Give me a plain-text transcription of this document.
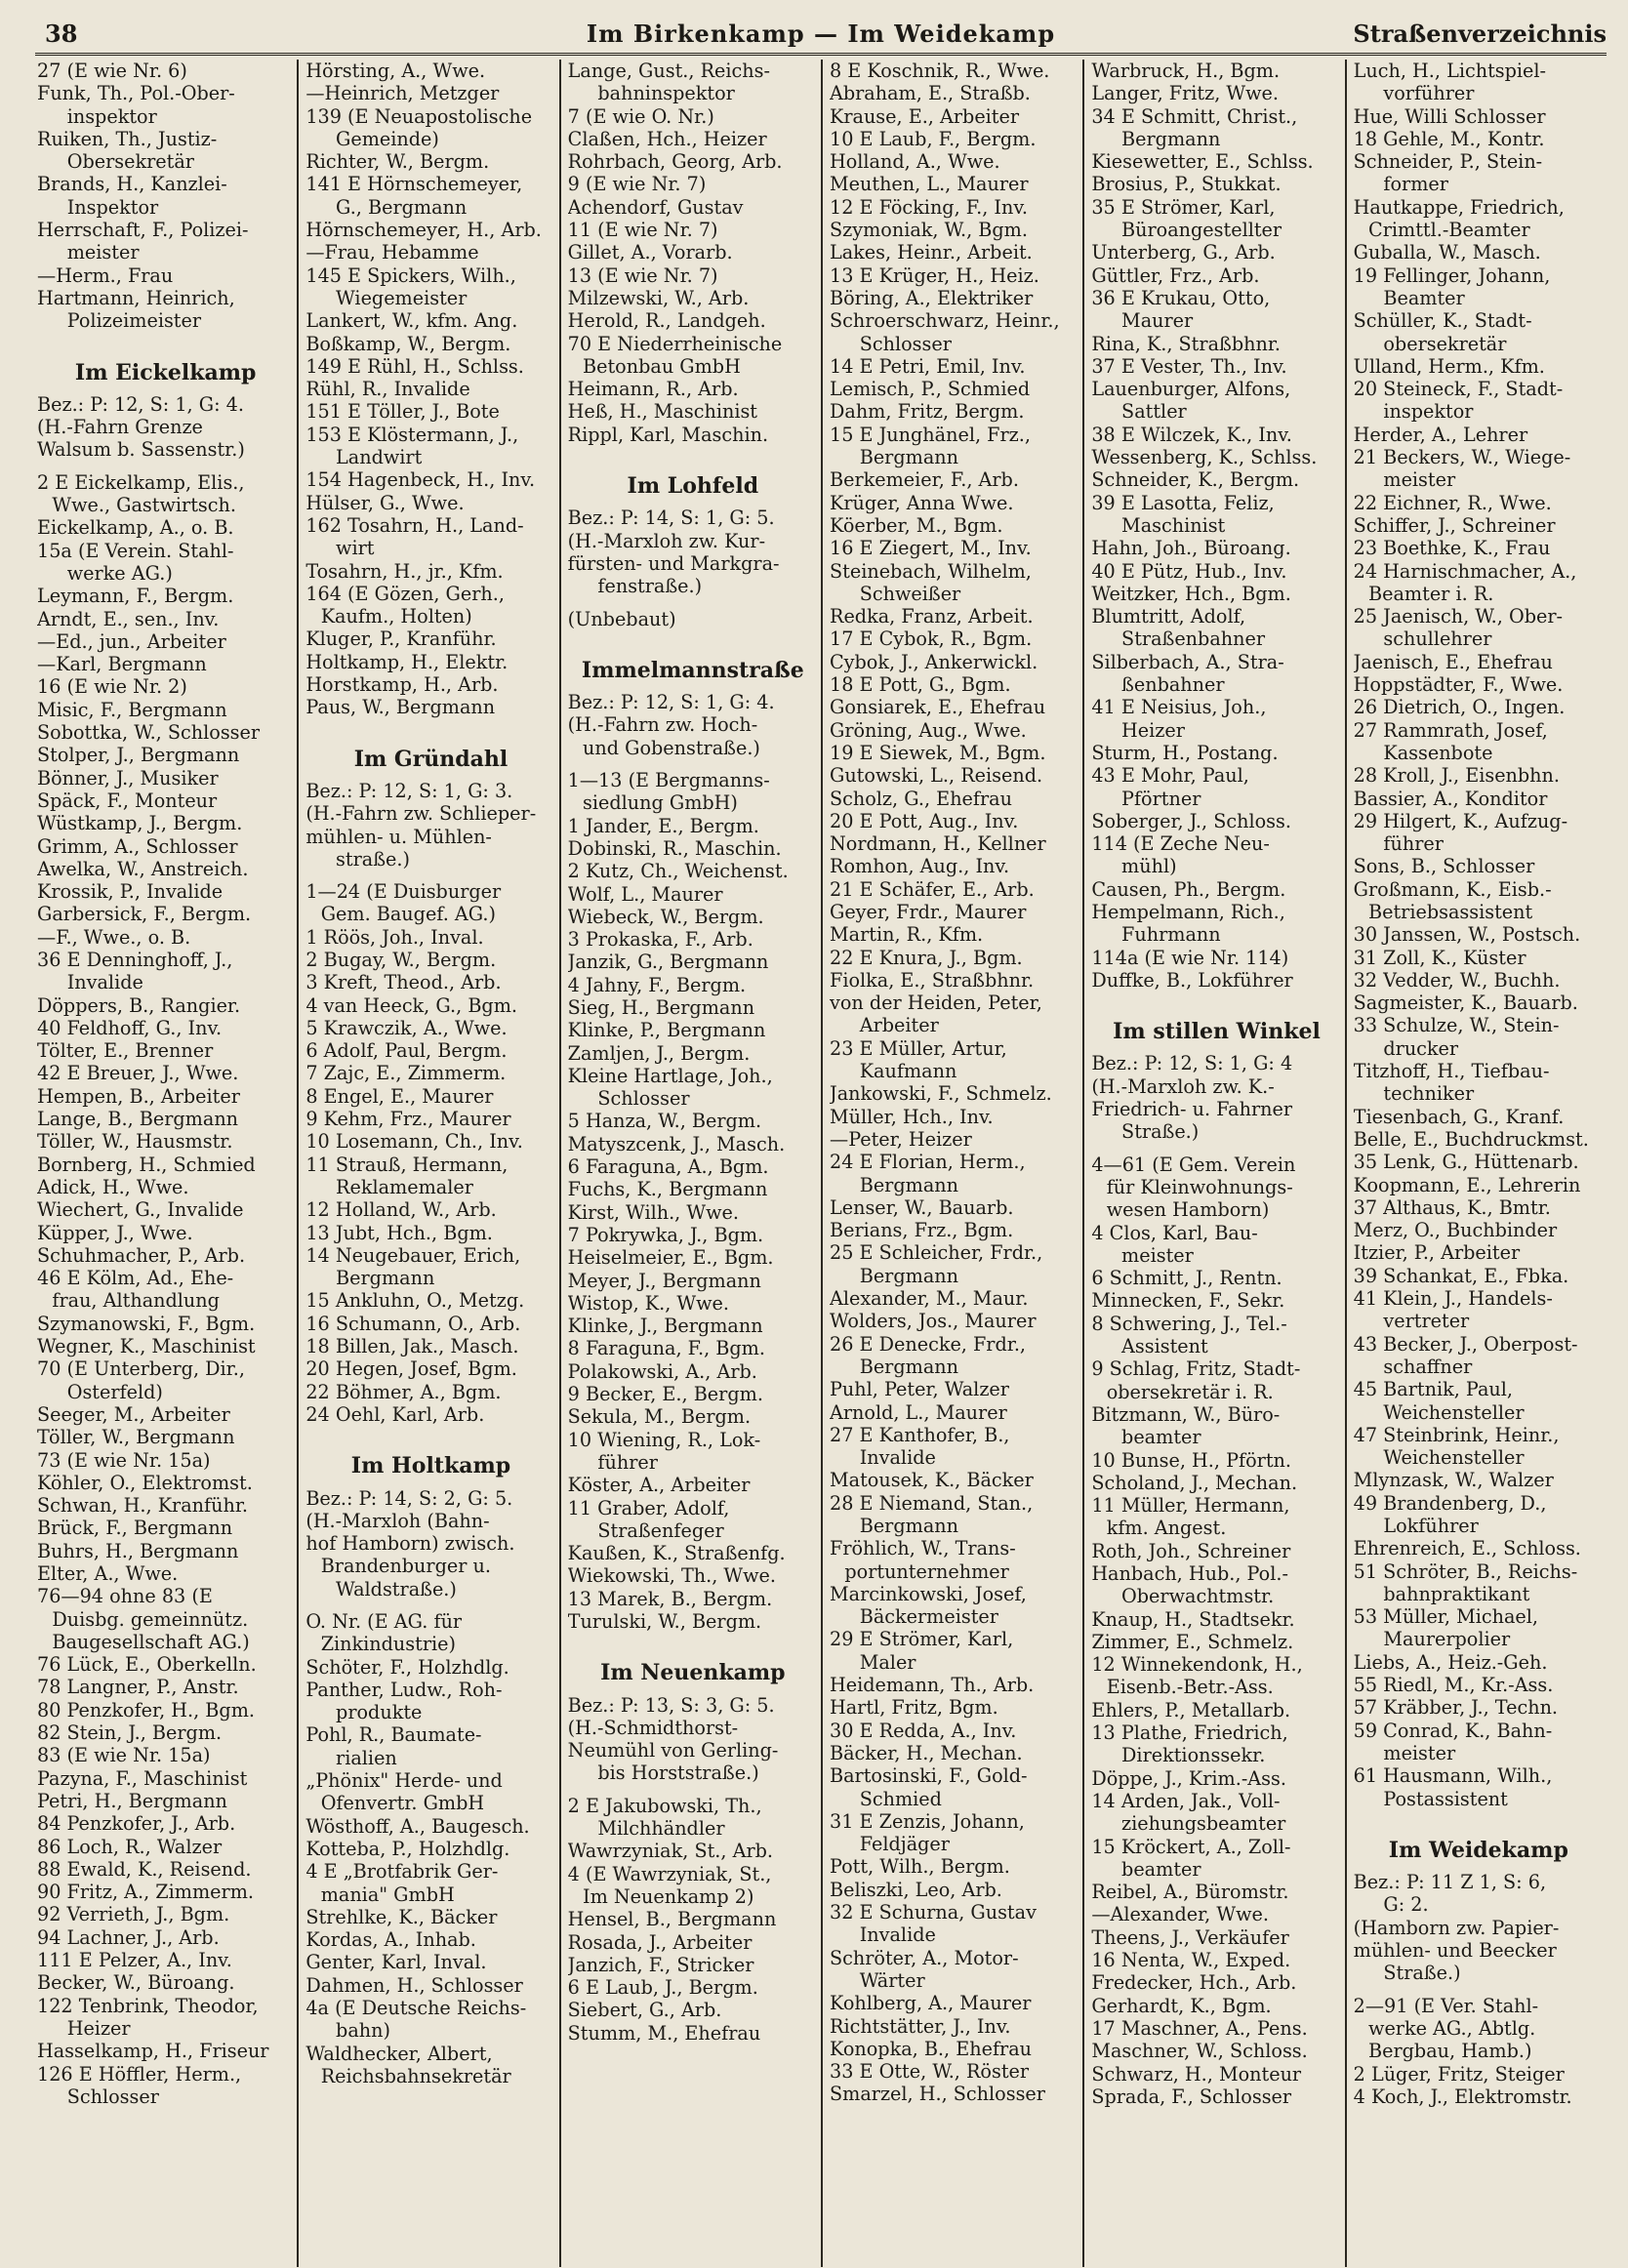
38	Im Birkenkamp — Im Weidekamp	Straßenverzeichnis
27 (E wie Nr. 6)
Funk, Th., Pol.-Ober-
inspektor
Ruiken, Th., Justiz-
Obersekretär
Brands, H., Kanzlei-
Inspektor
Herrschaft, F., Polizei-
meister
—Herm., Frau
Hartmann, Heinrich,
Polizeimeister
Im Eickelkamp
Bez.: P: 12, S: 1, G: 4.
(H.-Fahrn Grenze
Walsum b. Sassenstr.)
2 E Eickelkamp, Elis.,
Wwe., Gastwirtsch.
Eickelkamp, A., o. B.
15a (E Verein. Stahl-
werke AG.)
Leymann, F., Bergm.
Arndt, E., sen., Inv.
—Ed., jun., Arbeiter
—Karl, Bergmann
16 (E wie Nr. 2)
Misic, F., Bergmann
Sobottka, W., Schlosser
Stolper, J., Bergmann
Bönner, J., Musiker
Späck, F., Monteur
Wüstkamp, J., Bergm.
Grimm, A., Schlosser
Awelka, W., Anstreich.
Krossik, P., Invalide
Garbersick, F., Bergm.
—F., Wwe., o. B.
36 E Denninghoff, J.,
Invalide
Döppers, B., Rangier.
40 Feldhoff, G., Inv.
Tölter, E., Brenner
42 E Breuer, J., Wwe.
Hempen, B., Arbeiter
Lange, B., Bergmann
Töller, W., Hausmstr.
Bornberg, H., Schmied
Adick, H., Wwe.
Wiechert, G., Invalide
Küpper, J., Wwe.
Schuhmacher, P., Arb.
46 E Kölm, Ad., Ehe-
frau, Althandlung
Szymanowski, F., Bgm.
Wegner, K., Maschinist
70 (E Unterberg, Dir.,
Osterfeld)
Seeger, M., Arbeiter
Töller, W., Bergmann
73 (E wie Nr. 15a)
Köhler, O., Elektromst.
Schwan, H., Kranführ.
Brück, F., Bergmann
Buhrs, H., Bergmann
Elter, A., Wwe.
76—94 ohne 83 (E
Duisbg. gemeinnütz.
Baugesellschaft AG.)
76 Lück, E., Oberkelln.
78 Langner, P., Anstr.
80 Penzkofer, H., Bgm.
82 Stein, J., Bergm.
83 (E wie Nr. 15a)
Pazyna, F., Maschinist
Petri, H., Bergmann
84 Penzkofer, J., Arb.
86 Loch, R., Walzer
88 Ewald, K., Reisend.
90 Fritz, A., Zimmerm.
92 Verrieth, J., Bgm.
94 Lachner, J., Arb.
111 E Pelzer, A., Inv.
Becker, W., Büroang.
122 Tenbrink, Theodor,
Heizer
Hasselkamp, H., Friseur
126 E Höffler, Herm.,
Schlosser
Hörsting, A., Wwe.
—Heinrich, Metzger
139 (E Neuapostolische
Gemeinde)
Richter, W., Bergm.
141 E Hörnschemeyer,
G., Bergmann
Hörnschemeyer, H., Arb.
—Frau, Hebamme
145 E Spickers, Wilh.,
Wiegemeister
Lankert, W., kfm. Ang.
Boßkamp, W., Bergm.
149 E Rühl, H., Schlss.
Rühl, R., Invalide
151 E Töller, J., Bote
153 E Klöstermann, J.,
Landwirt
154 Hagenbeck, H., Inv.
Hülser, G., Wwe.
162 Tosahrn, H., Land-
wirt
Tosahrn, H., jr., Kfm.
164 (E Gözen, Gerh.,
Kaufm., Holten)
Kluger, P., Kranführ.
Holtkamp, H., Elektr.
Horstkamp, H., Arb.
Paus, W., Bergmann
Im Gründahl
Bez.: P: 12, S: 1, G: 3.
(H.-Fahrn zw. Schlieper-
mühlen- u. Mühlen-
straße.)
1—24 (E Duisburger
Gem. Baugef. AG.)
1 Röös, Joh., Inval.
2 Bugay, W., Bergm.
3 Kreft, Theod., Arb.
4 van Heeck, G., Bgm.
5 Krawczik, A., Wwe.
6 Adolf, Paul, Bergm.
7 Zajc, E., Zimmerm.
8 Engel, E., Maurer
9 Kehm, Frz., Maurer
10 Losemann, Ch., Inv.
11 Strauß, Hermann,
Reklamemaler
12 Holland, W., Arb.
13 Jubt, Hch., Bgm.
14 Neugebauer, Erich,
Bergmann
15 Ankluhn, O., Metzg.
16 Schumann, O., Arb.
18 Billen, Jak., Masch.
20 Hegen, Josef, Bgm.
22 Böhmer, A., Bgm.
24 Oehl, Karl, Arb.
Im Holtkamp
Bez.: P: 14, S: 2, G: 5.
(H.-Marxloh (Bahn-
hof Hamborn) zwisch.
Brandenburger u.
Waldstraße.)
O. Nr. (E AG. für
Zinkindustrie)
Schöter, F., Holzhdlg.
Panther, Ludw., Roh-
produkte
Pohl, R., Baumate-
rialien
„Phönix" Herde- und
Ofenvertr. GmbH
Wösthoff, A., Baugesch.
Kotteba, P., Holzhdlg.
4 E „Brotfabrik Ger-
mania" GmbH
Strehlke, K., Bäcker
Kordas, A., Inhab.
Genter, Karl, Inval.
Dahmen, H., Schlosser
4a (E Deutsche Reichs-
bahn)
Waldhecker, Albert,
Reichsbahnsekretär
Lange, Gust., Reichs-
bahninspektor
7 (E wie O. Nr.)
Claßen, Hch., Heizer
Rohrbach, Georg, Arb.
9 (E wie Nr. 7)
Achendorf, Gustav
11 (E wie Nr. 7)
Gillet, A., Vorarb.
13 (E wie Nr. 7)
Milzewski, W., Arb.
Herold, R., Landgeh.
70 E Niederrheinische
Betonbau GmbH
Heimann, R., Arb.
Heß, H., Maschinist
Rippl, Karl, Maschin.
Im Lohfeld
Bez.: P: 14, S: 1, G: 5.
(H.-Marxloh zw. Kur-
fürsten- und Markgra-
fenstraße.)
(Unbebaut)
Immelmannstraße
Bez.: P: 12, S: 1, G: 4.
(H.-Fahrn zw. Hoch-
und Gobenstraße.)
1—13 (E Bergmanns-
siedlung GmbH)
1 Jander, E., Bergm.
Dobinski, R., Maschin.
2 Kutz, Ch., Weichenst.
Wolf, L., Maurer
Wiebeck, W., Bergm.
3 Prokaska, F., Arb.
Janzik, G., Bergmann
4 Jahny, F., Bergm.
Sieg, H., Bergmann
Klinke, P., Bergmann
Zamljen, J., Bergm.
Kleine Hartlage, Joh.,
Schlosser
5 Hanza, W., Bergm.
Matyszcenk, J., Masch.
6 Faraguna, A., Bgm.
Fuchs, K., Bergmann
Kirst, Wilh., Wwe.
7 Pokrywka, J., Bgm.
Heiselmeier, E., Bgm.
Meyer, J., Bergmann
Wistop, K., Wwe.
Klinke, J., Bergmann
8 Faraguna, F., Bgm.
Polakowski, A., Arb.
9 Becker, E., Bergm.
Sekula, M., Bergm.
10 Wiening, R., Lok-
führer
Köster, A., Arbeiter
11 Graber, Adolf,
Straßenfeger
Kaußen, K., Straßenfg.
Wiekowski, Th., Wwe.
13 Marek, B., Bergm.
Turulski, W., Bergm.
Im Neuenkamp
Bez.: P: 13, S: 3, G: 5.
(H.-Schmidthorst-
Neumühl von Gerling-
bis Horststraße.)
2 E Jakubowski, Th.,
Milchhändler
Wawrzyniak, St., Arb.
4 (E Wawrzyniak, St.,
Im Neuenkamp 2)
Hensel, B., Bergmann
Rosada, J., Arbeiter
Janzich, F., Stricker
6 E Laub, J., Bergm.
Siebert, G., Arb.
Stumm, M., Ehefrau
8 E Koschnik, R., Wwe.
Abraham, E., Straßb.
Krause, E., Arbeiter
10 E Laub, F., Bergm.
Holland, A., Wwe.
Meuthen, L., Maurer
12 E Föcking, F., Inv.
Szymoniak, W., Bgm.
Lakes, Heinr., Arbeit.
13 E Krüger, H., Heiz.
Böring, A., Elektriker
Schroerschwarz, Heinr.,
Schlosser
14 E Petri, Emil, Inv.
Lemisch, P., Schmied
Dahm, Fritz, Bergm.
15 E Junghänel, Frz.,
Bergmann
Berkemeier, F., Arb.
Krüger, Anna Wwe.
Köerber, M., Bgm.
16 E Ziegert, M., Inv.
Steinebach, Wilhelm,
Schweißer
Redka, Franz, Arbeit.
17 E Cybok, R., Bgm.
Cybok, J., Ankerwickl.
18 E Pott, G., Bgm.
Gonsiarek, E., Ehefrau
Gröning, Aug., Wwe.
19 E Siewek, M., Bgm.
Gutowski, L., Reisend.
Scholz, G., Ehefrau
20 E Pott, Aug., Inv.
Nordmann, H., Kellner
Romhon, Aug., Inv.
21 E Schäfer, E., Arb.
Geyer, Frdr., Maurer
Martin, R., Kfm.
22 E Knura, J., Bgm.
Fiolka, E., Straßbhnr.
von der Heiden, Peter,
Arbeiter
23 E Müller, Artur,
Kaufmann
Jankowski, F., Schmelz.
Müller, Hch., Inv.
—Peter, Heizer
24 E Florian, Herm.,
Bergmann
Lenser, W., Bauarb.
Berians, Frz., Bgm.
25 E Schleicher, Frdr.,
Bergmann
Alexander, M., Maur.
Wolders, Jos., Maurer
26 E Denecke, Frdr.,
Bergmann
Puhl, Peter, Walzer
Arnold, L., Maurer
27 E Kanthofer, B.,
Invalide
Matousek, K., Bäcker
28 E Niemand, Stan.,
Bergmann
Fröhlich, W., Trans-
portunternehmer
Marcinkowski, Josef,
Bäckermeister
29 E Strömer, Karl,
Maler
Heidemann, Th., Arb.
Hartl, Fritz, Bgm.
30 E Redda, A., Inv.
Bäcker, H., Mechan.
Bartosinski, F., Gold-
Schmied
31 E Zenzis, Johann,
Feldjäger
Pott, Wilh., Bergm.
Beliszki, Leo, Arb.
32 E Schurna, Gustav
Invalide
Schröter, A., Motor-
Wärter
Kohlberg, A., Maurer
Richtstätter, J., Inv.
Konopka, B., Ehefrau
33 E Otte, W., Röster
Smarzel, H., Schlosser
Warbruck, H., Bgm.
Langer, Fritz, Wwe.
34 E Schmitt, Christ.,
Bergmann
Kiesewetter, E., Schlss.
Brosius, P., Stukkat.
35 E Strömer, Karl,
Büroangestellter
Unterberg, G., Arb.
Güttler, Frz., Arb.
36 E Krukau, Otto,
Maurer
Rina, K., Straßbhnr.
37 E Vester, Th., Inv.
Lauenburger, Alfons,
Sattler
38 E Wilczek, K., Inv.
Wessenberg, K., Schlss.
Schneider, K., Bergm.
39 E Lasotta, Feliz,
Maschinist
Hahn, Joh., Büroang.
40 E Pütz, Hub., Inv.
Weitzker, Hch., Bgm.
Blumtritt, Adolf,
Straßenbahner
Silberbach, A., Stra-
ßenbahner
41 E Neisius, Joh.,
Heizer
Sturm, H., Postang.
43 E Mohr, Paul,
Pförtner
Soberger, J., Schloss.
114 (E Zeche Neu-
mühl)
Causen, Ph., Bergm.
Hempelmann, Rich.,
Fuhrmann
114a (E wie Nr. 114)
Duffke, B., Lokführer
Im stillen Winkel
Bez.: P: 12, S: 1, G: 4
(H.-Marxloh zw. K.-
Friedrich- u. Fahrner
Straße.)
4—61 (E Gem. Verein
für Kleinwohnungs-
wesen Hamborn)
4 Clos, Karl, Bau-
meister
6 Schmitt, J., Rentn.
Minnecken, F., Sekr.
8 Schwering, J., Tel.-
Assistent
9 Schlag, Fritz, Stadt-
obersekretär i. R.
Bitzmann, W., Büro-
beamter
10 Bunse, H., Pförtn.
Scholand, J., Mechan.
11 Müller, Hermann,
kfm. Angest.
Roth, Joh., Schreiner
Hanbach, Hub., Pol.-
Oberwachtmstr.
Knaup, H., Stadtsekr.
Zimmer, E., Schmelz.
12 Winnekendonk, H.,
Eisenb.-Betr.-Ass.
Ehlers, P., Metallarb.
13 Plathe, Friedrich,
Direktionssekr.
Döppe, J., Krim.-Ass.
14 Arden, Jak., Voll-
ziehungsbeamter
15 Kröckert, A., Zoll-
beamter
Reibel, A., Büromstr.
—Alexander, Wwe.
Theens, J., Verkäufer
16 Nenta, W., Exped.
Fredecker, Hch., Arb.
Gerhardt, K., Bgm.
17 Maschner, A., Pens.
Maschner, W., Schloss.
Schwarz, H., Monteur
Sprada, F., Schlosser
Luch, H., Lichtspiel-
vorführer
Hue, Willi Schlosser
18 Gehle, M., Kontr.
Schneider, P., Stein-
former
Hautkappe, Friedrich,
Crimttl.-Beamter
Guballa, W., Masch.
19 Fellinger, Johann,
Beamter
Schüller, K., Stadt-
obersekretär
Ulland, Herm., Kfm.
20 Steineck, F., Stadt-
inspektor
Herder, A., Lehrer
21 Beckers, W., Wiege-
meister
22 Eichner, R., Wwe.
Schiffer, J., Schreiner
23 Boethke, K., Frau
24 Harnischmacher, A.,
Beamter i. R.
25 Jaenisch, W., Ober-
schullehrer
Jaenisch, E., Ehefrau
Hoppstädter, F., Wwe.
26 Dietrich, O., Ingen.
27 Rammrath, Josef,
Kassenbote
28 Kroll, J., Eisenbhn.
Bassier, A., Konditor
29 Hilgert, K., Aufzug-
führer
Sons, B., Schlosser
Großmann, K., Eisb.-
Betriebsassistent
30 Janssen, W., Postsch.
31 Zoll, K., Küster
32 Vedder, W., Buchh.
Sagmeister, K., Bauarb.
33 Schulze, W., Stein-
drucker
Titzhoff, H., Tiefbau-
techniker
Tiesenbach, G., Kranf.
Belle, E., Buchdruckmst.
35 Lenk, G., Hüttenarb.
Koopmann, E., Lehrerin
37 Althaus, K., Bmtr.
Merz, O., Buchbinder
Itzier, P., Arbeiter
39 Schankat, E., Fbka.
41 Klein, J., Handels-
vertreter
43 Becker, J., Oberpost-
schaffner
45 Bartnik, Paul,
Weichensteller
47 Steinbrink, Heinr.,
Weichensteller
Mlynzask, W., Walzer
49 Brandenberg, D.,
Lokführer
Ehrenreich, E., Schloss.
51 Schröter, B., Reichs-
bahnpraktikant
53 Müller, Michael,
Maurerpolier
Liebs, A., Heiz.-Geh.
55 Riedl, M., Kr.-Ass.
57 Kräbber, J., Techn.
59 Conrad, K., Bahn-
meister
61 Hausmann, Wilh.,
Postassistent
Im Weidekamp
Bez.: P: 11 Z 1, S: 6,
G: 2.
(Hamborn zw. Papier-
mühlen- und Beecker
Straße.)
2—91 (E Ver. Stahl-
werke AG., Abtlg.
Bergbau, Hamb.)
2 Lüger, Fritz, Steiger
4 Koch, J., Elektromstr.
